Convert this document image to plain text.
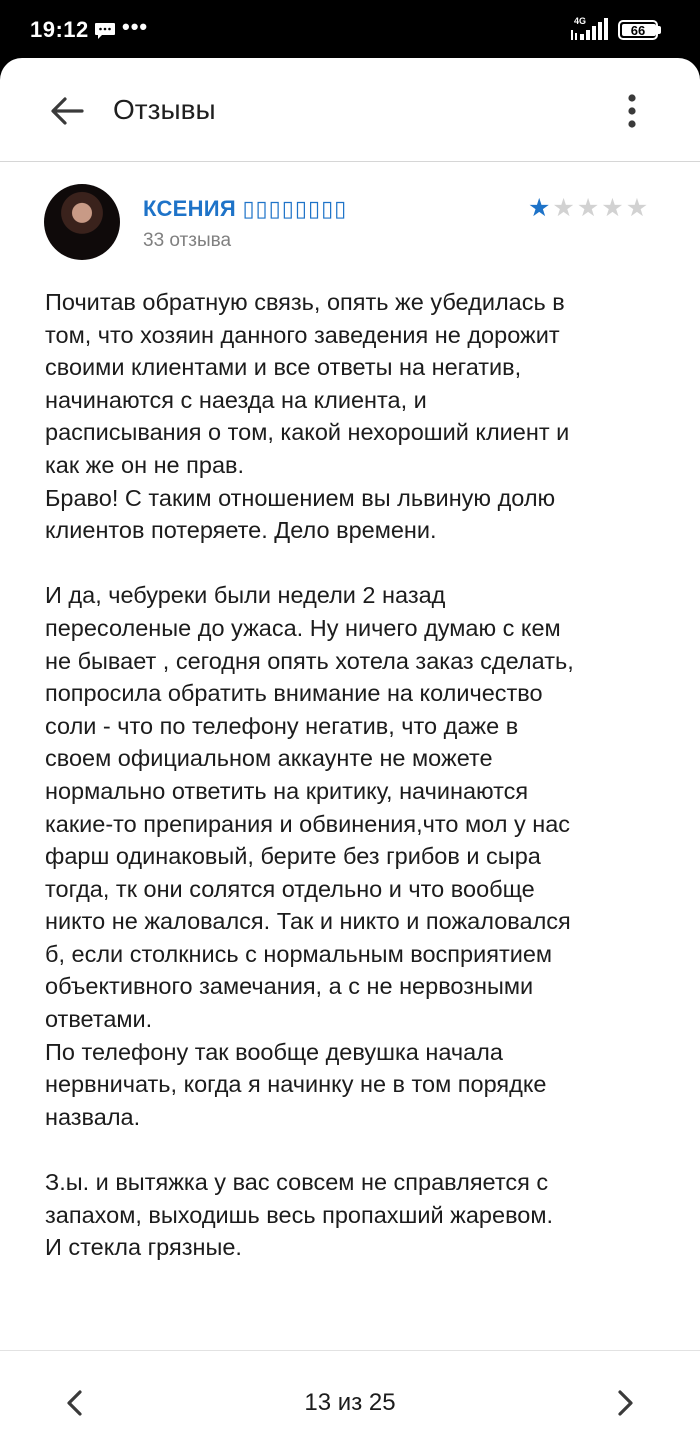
19:12 •••	4G
66
Отзывы
КСЕНИЯ ▯▯▯▯▯▯▯▯
33 отзыва
★ ★ ★ ★ ★

Почитав обратную связь, опять же убедилась в

том, что хозяин данного заведения не дорожит

своими клиентами и все ответы на негатив,

начинаются с наезда на клиента, и

расписывания о том, какой нехороший клиент и

как же он не прав.

Браво! С таким отношением вы львиную долю

клиентов потеряете. Дело времени.

И да, чебуреки были недели 2 назад

пересоленые до ужаса. Ну ничего думаю с кем

не бывает , сегодня опять хотела заказ сделать,

попросила обратить внимание на количество

соли - что по телефону негатив, что даже в

своем официальном аккаунте не можете

нормально ответить на критику, начинаются

какие-то препирания и обвинения,что мол у нас

фарш одинаковый, берите без грибов и сыра

тогда, тк они солятся отдельно и что вообще

никто не жаловался. Так и никто и пожаловался

б, если столкнись с нормальным восприятием

объективного замечания, а с не нервозными

ответами.

По телефону так вообще девушка начала

нервничать, когда я начинку не в том порядке

назвала.

З.ы. и вытяжка у вас совсем не справляется с

запахом, выходишь весь пропахший жаревом.

И стекла грязные.

13 из 25
